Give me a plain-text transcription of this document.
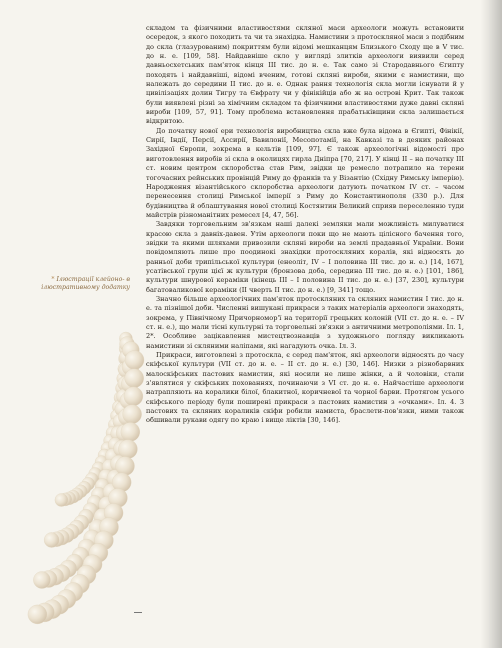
* Ілюстрації клейоно- в ілюстративному додатку

складом та фізичними властивостями скляної маси археологи можуть встановити осередок, з якого походить та чи та знахідка. Намистини з протоскляної маси з подібним до скла (глазурованим) покриттям були відомі мешканцям Близького Сходу ще в V тис. до н. е. [109, 58]. Найдавніше скло у вигляді злитків археологи виявили серед давньосхетських пам'яток кінця III тис. до н. е. Так само зі Стародавнього Єгипту походять і найдавніші, відомі вченим, готові скляні вироби, якими є намистини, що належать до середини II тис. до н. е. Однак рання технологія скла могли існувати й у цивілізаціях долин Тигру та Євфрату чи у фінікійців або ж на острові Крит. Так також були виявлені різні за хімічним складом та фізичними властивостями дуже давні скляні вироби [109, 57, 91]. Тому проблема встановлення прабатьківщини скла залишається відкритою.

До початку нової ери технологія виробництва скла вже була відома в Єгипті, Фінікії, Сирії, Індії, Персії, Ассирії, Вавилонії, Месопотамії, на Кавказі та в деяких районах Західної Європи, зокрема в кельтів [109, 97]. Є також археологічні відомості про виготовлення виробів зі скла в околицях гирла Дніпра [70, 217]. У кінці II – на початку III ст. новим центром склоробства став Рим, звідки це ремесло потрапило на терени тогочасних рейнських провінцій Риму до франків та у Візантію (Східну Римську імперію). Народження візантійського склоробства археологи датують початком IV ст. – часом перенесення столиці Римської імперії з Риму до Константинополя (330 р.). Для будівництва й облаштування нової столиці Костянтин Великий сприяв переселенню туди майстрів різноманітних ремесел [4, 47, 56].

Завдяки торговельним зв'язкам наші далекі земляки мали можливість милуватися красою скла з давніх-давен. Утім археологи поки що не мають цілісного бачення того, звідки та якими шляхами привозили скляні вироби на землі прадавньої України. Вони повідомляють лише про поодинокі знахідки протоскляних коралів, які відносять до ранньої доби трипільської культури (енеоліт, IV – I половина III тис. до н. е.) [14, 167], усатівської групи цієї ж культури (бронзова доба, середина III тис. до н. е.) [101, 186], культури шнурової кераміки (кінець III – I половина II тис. до н. е.) [37, 230], культури багатоваликової кераміки (II чверть II тис. до н. е.) [9, 341] тощо.

Значно більше археологічних пам'яток протоскляних та скляних намистин I тис. до н. е. та пізнішої доби. Численні вишукані прикраси з таких матеріалів археологи знаходять, зокрема, у Північному Причорномор'ї на території грецьких колоній (VII ст. до н. е. – IV ст. н. е.), що мали тісні культурні та торговельні зв'язки з античними метрополіями. Іл. 1, 2*. Особливе зацікавлення мистецтвознавців з художнього погляду викликають намистини зі скляними наліпами, які нагадують очка. Іл. 3.

Прикраси, виготовлені з протоскла, є серед пам'яток, які археологи відносять до часу скіфської культури (VII ст. до н. е. – II ст. до н. е.) [30, 146]. Низки з різнобарвних малоскіфських пастових намистин, які носили не лише жінки, а й чоловіки, стали з'являтися у скіфських похованнях, починаючи з VI ст. до н. е. Найчастіше археологи натрапляють на коралики білої, блакитної, коричневої та чорної барви. Протягом усього скіфського періоду були поширені прикраси з пастових намистин з «очками». Іл. 4. З пастових та скляних кораликів скіфи робили намиста, браслети-пов'язки, ними також обшивали рукави одягу по краю і вище ліктів [30, 146].
